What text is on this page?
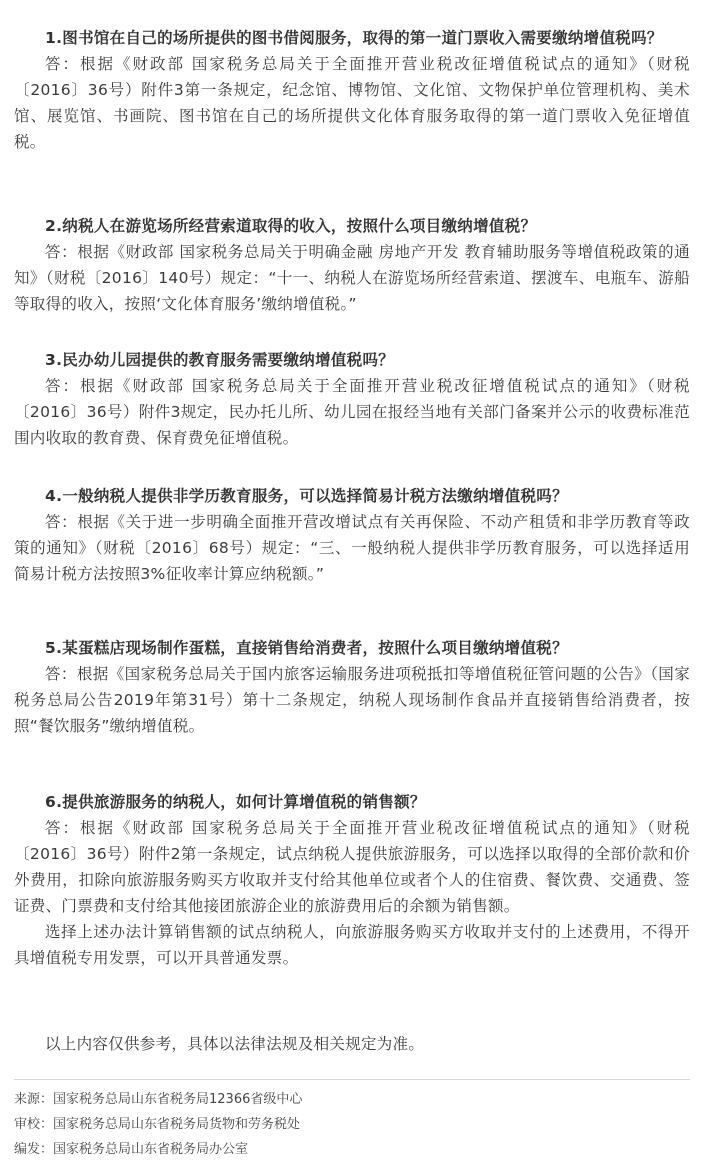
1.图书馆在自己的场所提供的图书借阅服务，取得的第一道门票收入需要缴纳增值税吗？

答：根据《财政部 国家税务总局关于全面推开营业税改征增值税试点的通知》（财税〔2016〕36号）附件3第一条规定，纪念馆、博物馆、文化馆、文物保护单位管理机构、美术馆、展览馆、书画院、图书馆在自己的场所提供文化体育服务取得的第一道门票收入免征增值税。

2.纳税人在游览场所经营索道取得的收入，按照什么项目缴纳增值税？

答：根据《财政部 国家税务总局关于明确金融 房地产开发 教育辅助服务等增值税政策的通知》（财税〔2016〕140号）规定：“十一、纳税人在游览场所经营索道、摆渡车、电瓶车、游船等取得的收入，按照‘文化体育服务’缴纳增值税。”

3.民办幼儿园提供的教育服务需要缴纳增值税吗？

答：根据《财政部 国家税务总局关于全面推开营业税改征增值税试点的通知》（财税〔2016〕36号）附件3规定，民办托儿所、幼儿园在报经当地有关部门备案并公示的收费标准范围内收取的教育费、保育费免征增值税。

4.一般纳税人提供非学历教育服务，可以选择简易计税方法缴纳增值税吗？

答：根据《关于进一步明确全面推开营改增试点有关再保险、不动产租赁和非学历教育等政策的通知》（财税〔2016〕68号）规定：“三、一般纳税人提供非学历教育服务，可以选择适用简易计税方法按照3%征收率计算应纳税额。”

5.某蛋糕店现场制作蛋糕，直接销售给消费者，按照什么项目缴纳增值税？

答：根据《国家税务总局关于国内旅客运输服务进项税抵扣等增值税征管问题的公告》（国家税务总局公告2019年第31号）第十二条规定，纳税人现场制作食品并直接销售给消费者，按照“餐饮服务”缴纳增值税。

6.提供旅游服务的纳税人，如何计算增值税的销售额？

答：根据《财政部 国家税务总局关于全面推开营业税改征增值税试点的通知》（财税〔2016〕36号）附件2第一条规定，试点纳税人提供旅游服务，可以选择以取得的全部价款和价外费用，扣除向旅游服务购买方收取并支付给其他单位或者个人的住宿费、餐饮费、交通费、签证费、门票费和支付给其他接团旅游企业的旅游费用后的余额为销售额。

选择上述办法计算销售额的试点纳税人，向旅游服务购买方收取并支付的上述费用，不得开具增值税专用发票，可以开具普通发票。

以上内容仅供参考，具体以法律法规及相关规定为准。

来源：国家税务总局山东省税务局12366省级中心

审校：国家税务总局山东省税务局货物和劳务税处

编发：国家税务总局山东省税务局办公室
